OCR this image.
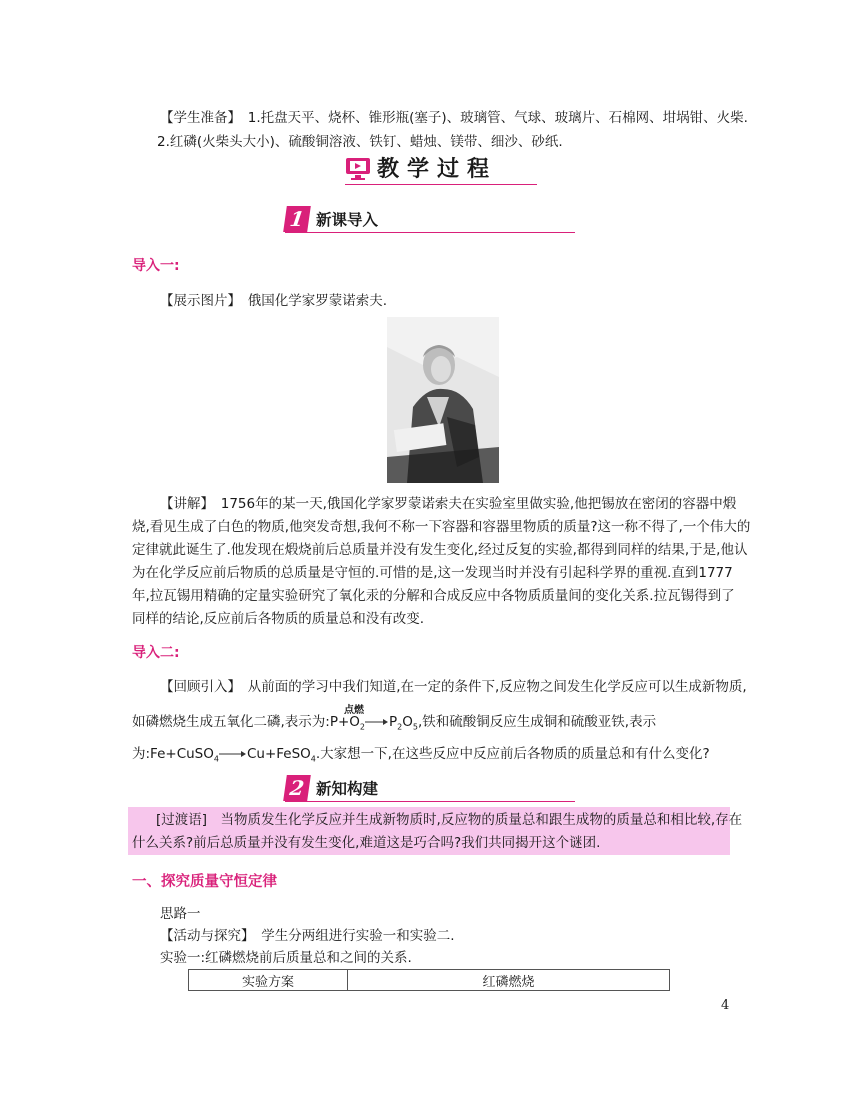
【学生准备】　1.托盘天平、烧杯、锥形瓶(塞子)、玻璃管、气球、玻璃片、石棉网、坩埚钳、火柴.
2.红磷(火柴头大小)、硫酸铜溶液、铁钉、蜡烛、镁带、细沙、砂纸.
教学过程
1 新课导入
导入一:
【展示图片】　俄国化学家罗蒙诺索夫.
【讲解】　1756年的某一天,俄国化学家罗蒙诺索夫在实验室里做实验,他把锡放在密闭的容器中煅
烧,看见生成了白色的物质,他突发奇想,我何不称一下容器和容器里物质的质量?这一称不得了,一个伟大的
定律就此诞生了.他发现在煅烧前后总质量并没有发生变化,经过反复的实验,都得到同样的结果,于是,他认
为在化学反应前后物质的总质量是守恒的.可惜的是,这一发现当时并没有引起科学界的重视.直到1777
年,拉瓦锡用精确的定量实验研究了氧化汞的分解和合成反应中各物质质量间的变化关系.拉瓦锡得到了
同样的结论,反应前后各物质的质量总和没有改变.
导入二:
【回顾引入】　从前面的学习中我们知道,在一定的条件下,反应物之间发生化学反应可以生成新物质,
点燃
如磷燃烧生成五氧化二磷,表示为$:P+O_2\to P_2O_5$,铁和硫酸铜反应生成铜和硫酸亚铁,表示
为:Fe+CuSO$_4$→Cu+FeSO$_4$.大家想一下,在这些反应中反应前后各物质的质量总和有什么变化?
2 新知构建
[过渡语]　当物质发生化学反应并生成新物质时,反应物的质量总和跟生成物的质量总和相比较,存在
什么关系?前后总质量并没有发生变化,难道这是巧合吗?我们共同揭开这个谜团.
一、探究质量守恒定律
思路一
【活动与探究】　学生分两组进行实验一和实验二.
实验一:红磷燃烧前后质量总和之间的关系.
实验方案	红磷燃烧
4
